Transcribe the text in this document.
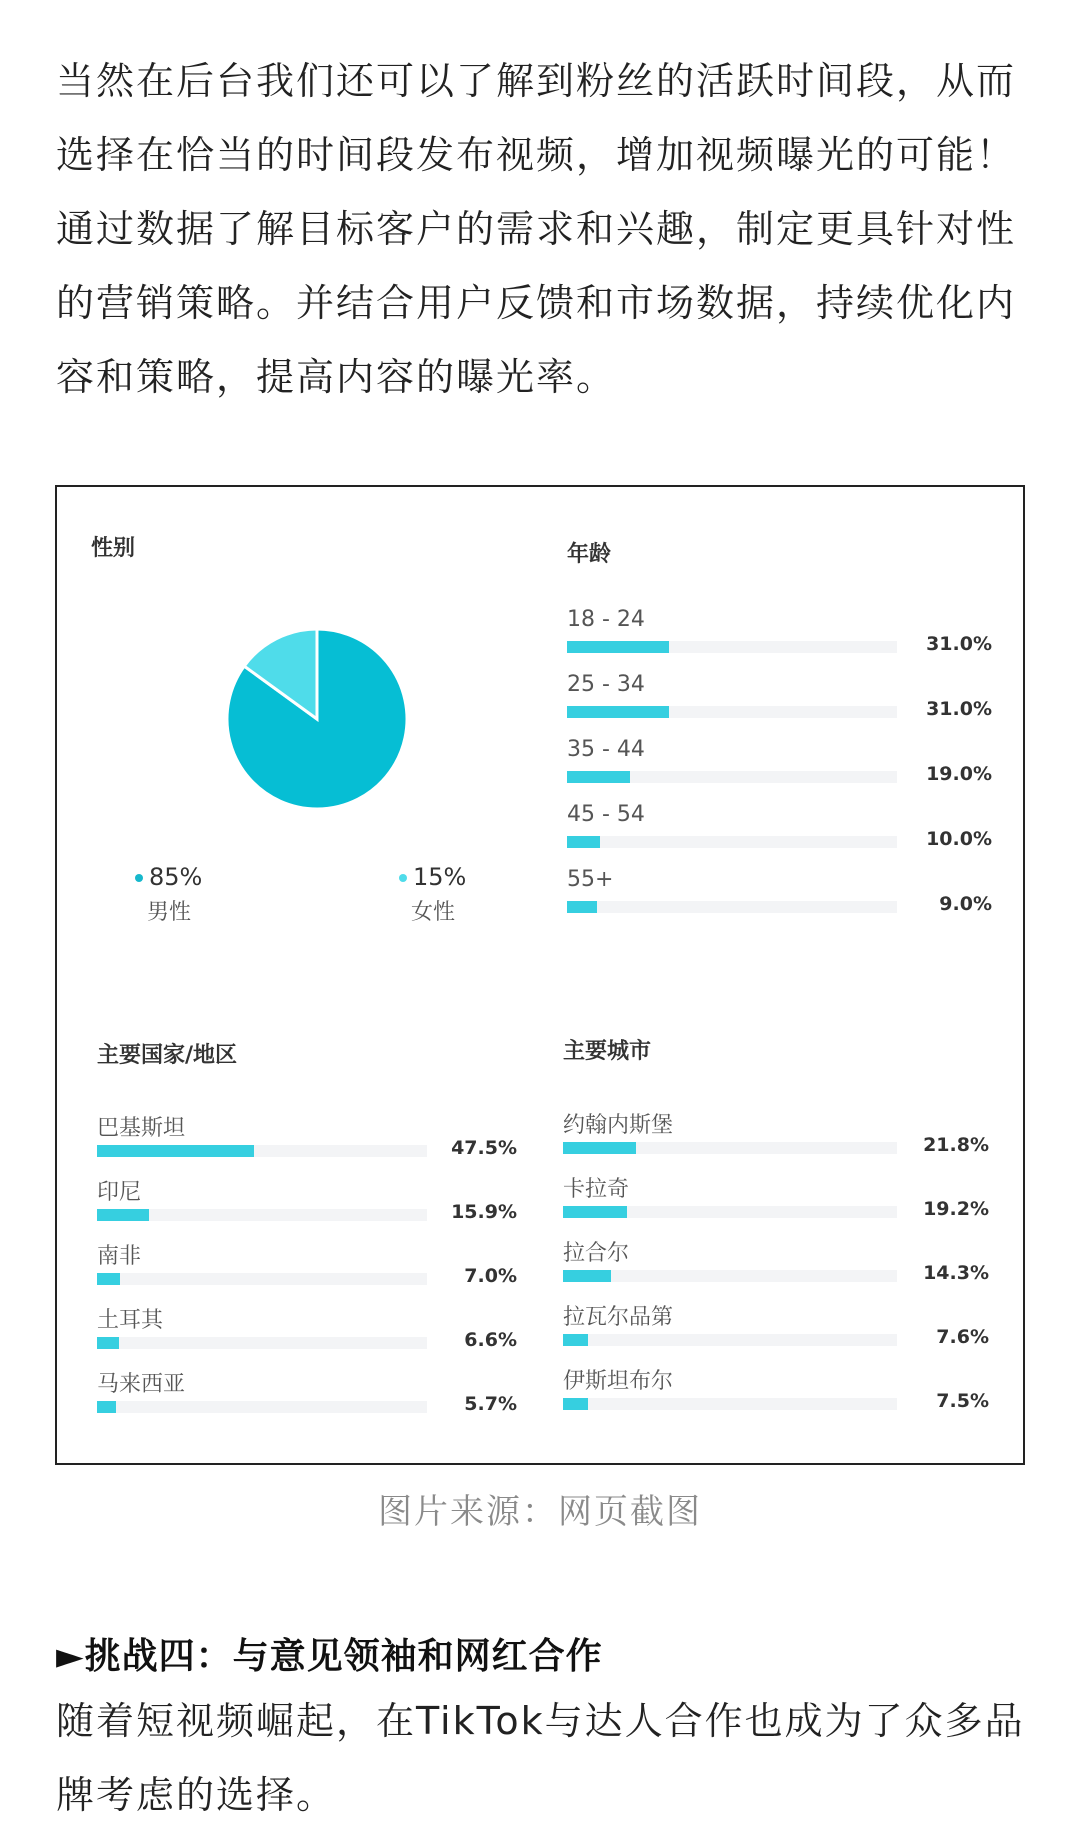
当然在后台我们还可以了解到粉丝的活跃时间段，从而选择在恰当的时间段发布视频，增加视频曝光的可能！通过数据了解目标客户的需求和兴趣，制定更具针对性的营销策略。并结合用户反馈和市场数据，持续优化内容和策略，提高内容的曝光率。
性别
85%
男性
15%
女性
年龄
18 - 24
31.0%
25 - 34
31.0%
35 - 44
19.0%
45 - 54
10.0%
55+
9.0%
主要国家/地区
巴基斯坦
47.5%
印尼
15.9%
南非
7.0%
土耳其
6.6%
马来西亚
5.7%
主要城市
约翰内斯堡
21.8%
卡拉奇
19.2%
拉合尔
14.3%
拉瓦尔品第
7.6%
伊斯坦布尔
7.5%
图片来源：网页截图
►挑战四：与意见领袖和网红合作
随着短视频崛起，在TikTok与达人合作也成为了众多品牌考虑的选择。
